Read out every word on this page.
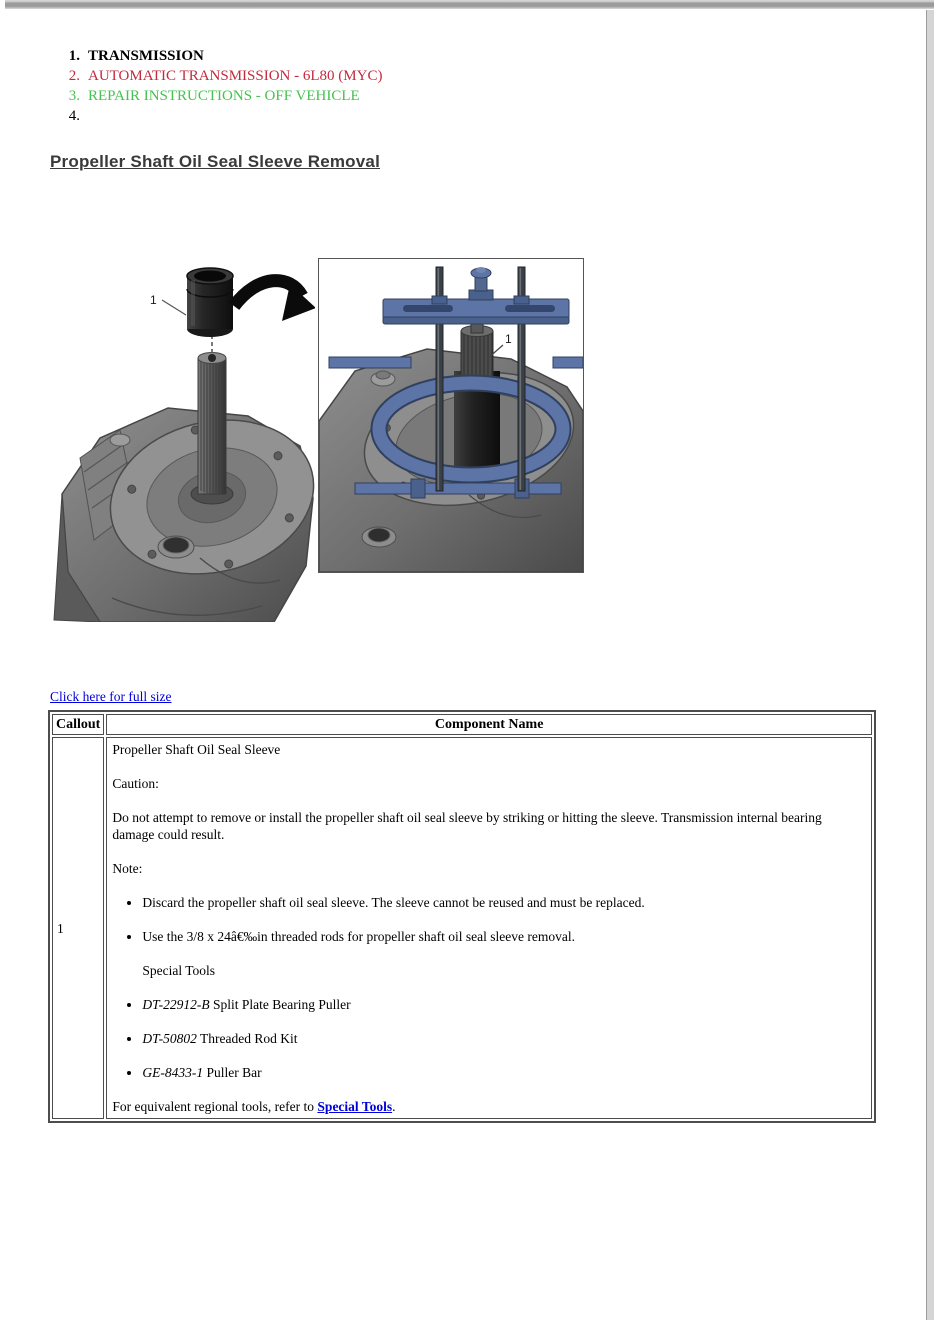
1. TRANSMISSION
2. AUTOMATIC TRANSMISSION - 6L80 (MYC)
3. REPAIR INSTRUCTIONS - OFF VEHICLE
4.
Propeller Shaft Oil Seal Sleeve Removal
1
1
Click here for full size
Callout	Component Name
1	

Propeller Shaft Oil Seal Sleeve

Caution:

Do not attempt to remove or install the propeller shaft oil seal sleeve by striking or hitting the sleeve. Transmission internal bearing damage could result.

Note:

• Discard the propeller shaft oil seal sleeve. The sleeve cannot be reused and must be replaced.
• Use the 3/8 x 24â€‰in threaded rods for propeller shaft oil seal sleeve removal.

Special Tools

• DT-22912-B Split Plate Bearing Puller
• DT-50802 Threaded Rod Kit
• GE-8433-1 Puller Bar

For equivalent regional tools, refer to Special Tools.
